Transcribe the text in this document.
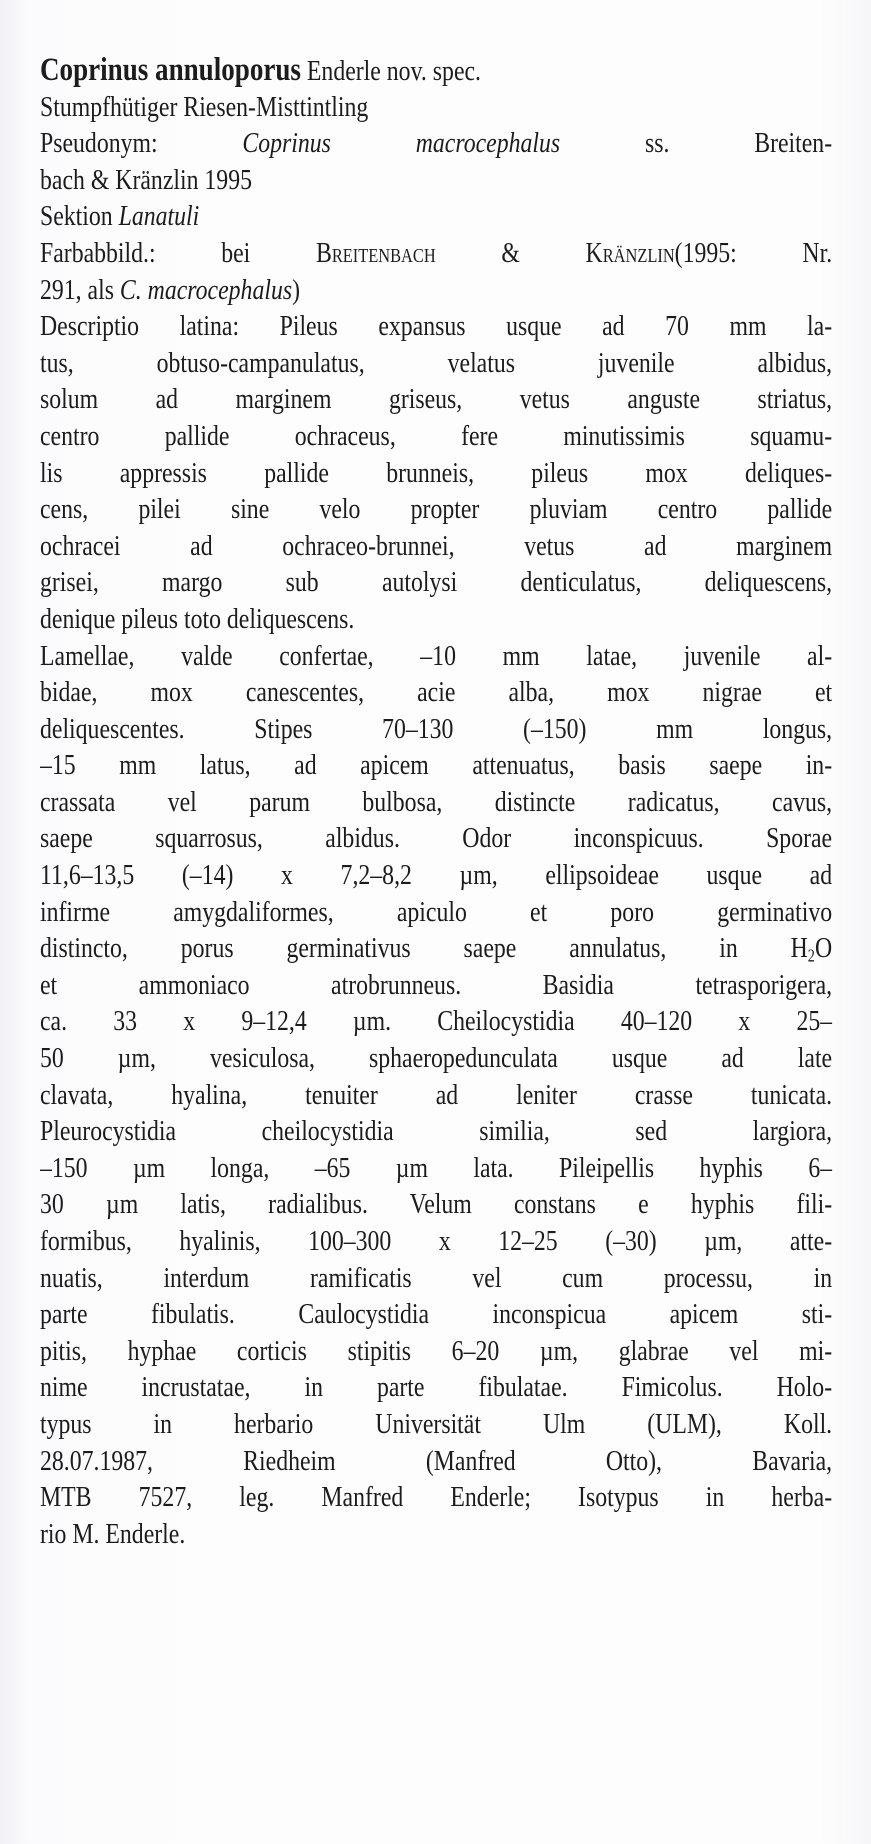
Coprinus annuloporus Enderle nov. spec.
Stumpfhütiger Riesen-Misttintling
Pseudonym:	Coprinus macrocephalus	ss. Breiten-
bach & Kränzlin 1995
Sektion Lanatuli
Farbabbild.: bei Breitenbach & Kränzlin(1995: Nr.
291, als C. macrocephalus)
Descriptio latina: Pileus expansus usque ad 70 mm la-
tus, obtuso-campanulatus, velatus juvenile albidus,
solum ad marginem griseus, vetus anguste striatus,
centro pallide ochraceus, fere minutissimis squamu-
lis appressis pallide brunneis, pileus mox deliques-
cens, pilei sine velo propter pluviam centro pallide
ochracei ad ochraceo-brunnei, vetus ad marginem
grisei, margo sub autolysi denticulatus, deliquescens,
denique pileus toto deliquescens.
Lamellae, valde confertae, –10 mm latae, juvenile al-
bidae, mox canescentes, acie alba, mox nigrae et
deliquescentes. Stipes 70–130 (–150) mm longus,
–15 mm latus, ad apicem attenuatus, basis saepe in-
crassata vel parum bulbosa, distincte radicatus, cavus,
saepe squarrosus, albidus. Odor inconspicuus. Sporae
11,6–13,5 (–14) x 7,2–8,2 µm, ellipsoideae usque ad
infirme amygdaliformes, apiculo et poro germinativo
distincto, porus germinativus saepe annulatus, in $H_2O$
et ammoniaco atrobrunneus. Basidia tetrasporigera,
ca. 33 x 9–12,4 µm. Cheilocystidia 40–120 x 25–
50 µm, vesiculosa, sphaeropedunculata usque ad late
clavata, hyalina, tenuiter ad leniter crasse tunicata.
Pleurocystidia cheilocystidia similia, sed largiora,
–150 µm longa, –65 µm lata. Pileipellis hyphis 6–
30 µm latis, radialibus. Velum constans e hyphis fili-
formibus, hyalinis, 100–300 x 12–25 (–30) µm, atte-
nuatis, interdum ramificatis vel cum processu, in
parte fibulatis. Caulocystidia inconspicua apicem sti-
pitis, hyphae corticis stipitis 6–20 µm, glabrae vel mi-
nime incrustatae, in parte fibulatae. Fimicolus. Holo-
typus in herbario Universität Ulm (ULM), Koll.
28.07.1987, Riedheim (Manfred Otto), Bavaria,
MTB 7527, leg. Manfred Enderle; Isotypus in herba-
rio M. Enderle.
